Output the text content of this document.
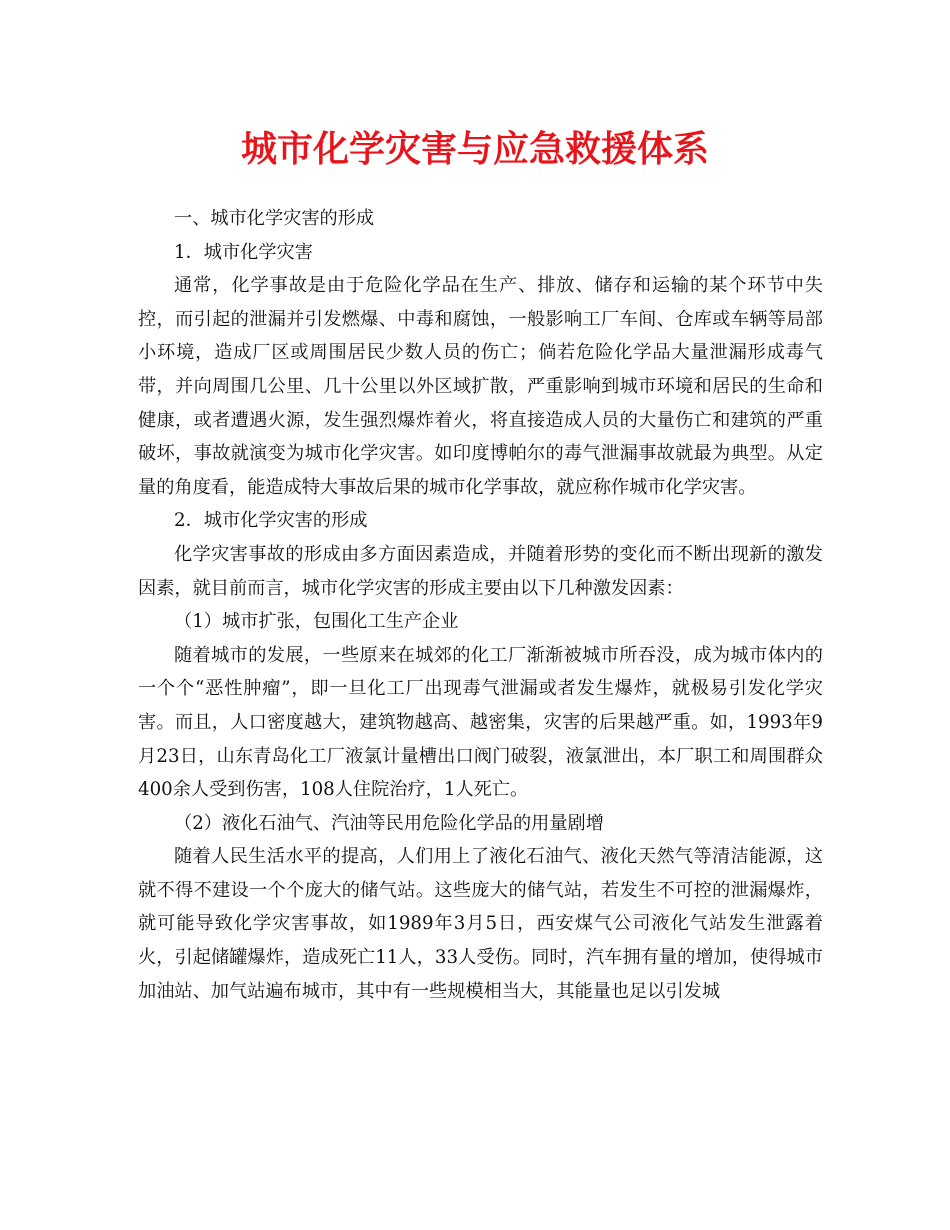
城市化学灾害与应急救援体系

一、城市化学灾害的形成

1．城市化学灾害

通常，化学事故是由于危险化学品在生产、排放、储存和运输的某个环节中失控，而引起的泄漏并引发燃爆、中毒和腐蚀，一般影响工厂车间、仓库或车辆等局部小环境，造成厂区或周围居民少数人员的伤亡；倘若危险化学品大量泄漏形成毒气带，并向周围几公里、几十公里以外区域扩散，严重影响到城市环境和居民的生命和健康，或者遭遇火源，发生强烈爆炸着火，将直接造成人员的大量伤亡和建筑的严重破坏，事故就演变为城市化学灾害。如印度博帕尔的毒气泄漏事故就最为典型。从定量的角度看，能造成特大事故后果的城市化学事故，就应称作城市化学灾害。

2．城市化学灾害的形成

化学灾害事故的形成由多方面因素造成，并随着形势的变化而不断出现新的激发因素，就目前而言，城市化学灾害的形成主要由以下几种激发因素：

（1）城市扩张，包围化工生产企业

随着城市的发展，一些原来在城郊的化工厂渐渐被城市所吞没，成为城市体内的一个个“恶性肿瘤”，即一旦化工厂出现毒气泄漏或者发生爆炸，就极易引发化学灾害。而且，人口密度越大，建筑物越高、越密集，灾害的后果越严重。如，1993年9月23日，山东青岛化工厂液氯计量槽出口阀门破裂，液氯泄出，本厂职工和周围群众400余人受到伤害，108人住院治疗，1人死亡。

（2）液化石油气、汽油等民用危险化学品的用量剧增

随着人民生活水平的提高，人们用上了液化石油气、液化天然气等清洁能源，这就不得不建设一个个庞大的储气站。这些庞大的储气站，若发生不可控的泄漏爆炸，就可能导致化学灾害事故，如1989年3月5日，西安煤气公司液化气站发生泄露着火，引起储罐爆炸，造成死亡11人，33人受伤。同时，汽车拥有量的增加，使得城市加油站、加气站遍布城市，其中有一些规模相当大，其能量也足以引发城
